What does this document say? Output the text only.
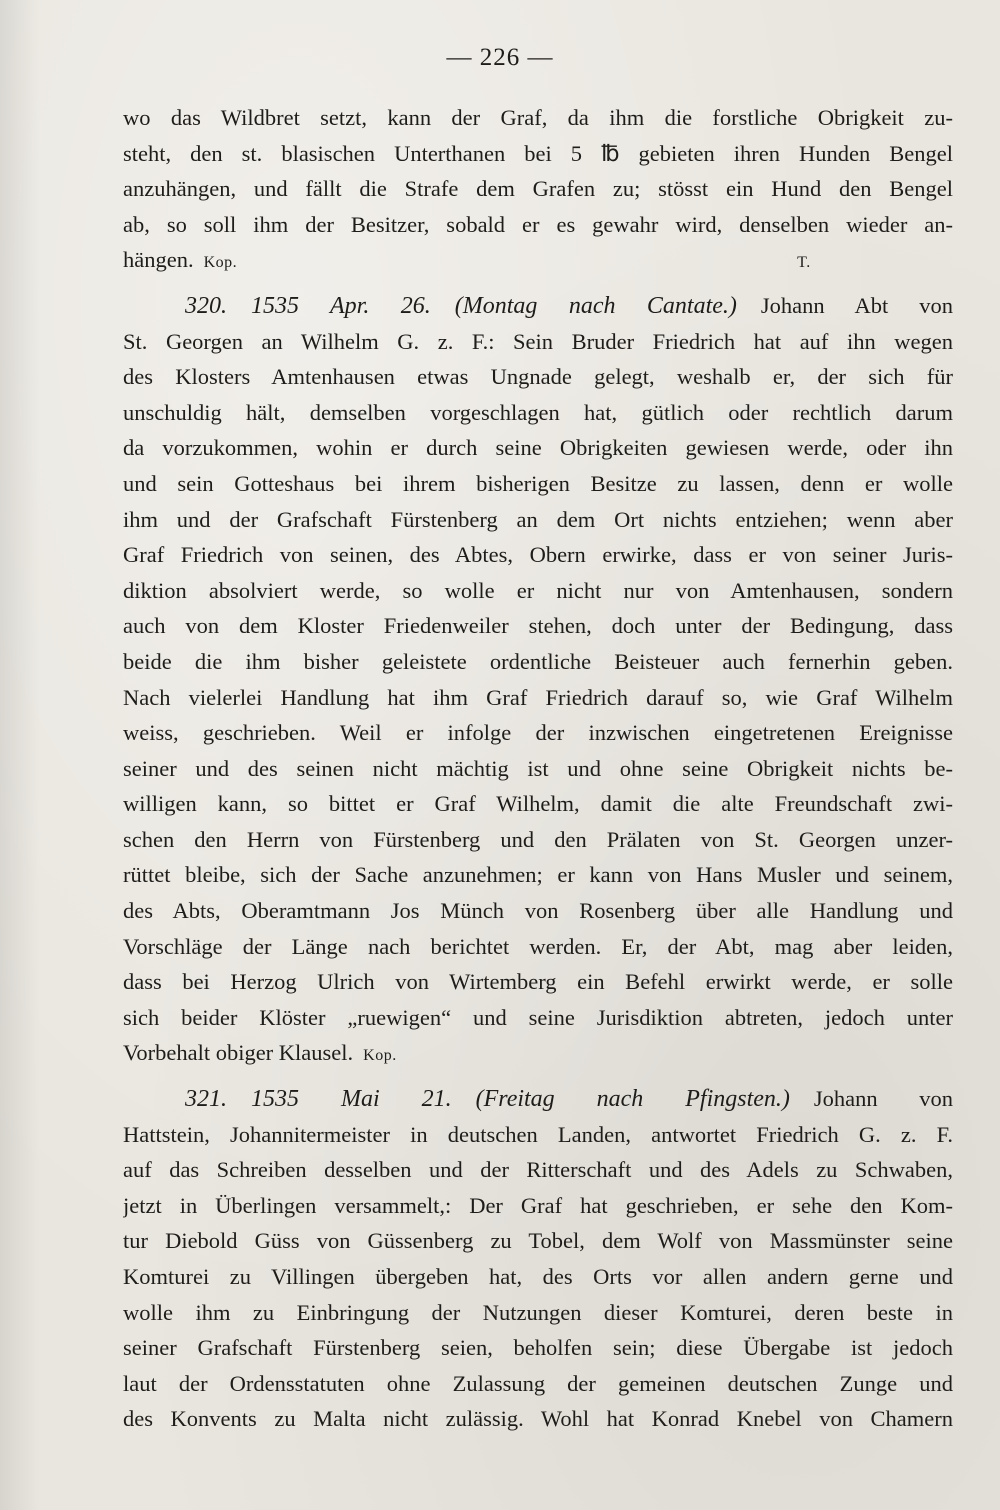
— 226 —
wo das Wildbret setzt, kann der Graf, da ihm die forstliche Obrigkeit zu-
steht, den st. blasischen Unterthanen bei 5 ℔ gebieten ihren Hunden Bengel
anzuhängen, und fällt die Strafe dem Grafen zu; stösst ein Hund den Bengel
ab, so soll ihm der Besitzer, sobald er es gewahr wird, denselben wieder an-
hängen. Kop.	T.
320. 1535 Apr. 26. (Montag nach Cantate.) Johann Abt von
St. Georgen an Wilhelm G. z. F.: Sein Bruder Friedrich hat auf ihn wegen
des Klosters Amtenhausen etwas Ungnade gelegt, weshalb er, der sich für
unschuldig hält, demselben vorgeschlagen hat, gütlich oder rechtlich darum
da vorzukommen, wohin er durch seine Obrigkeiten gewiesen werde, oder ihn
und sein Gotteshaus bei ihrem bisherigen Besitze zu lassen, denn er wolle
ihm und der Grafschaft Fürstenberg an dem Ort nichts entziehen; wenn aber
Graf Friedrich von seinen, des Abtes, Obern erwirke, dass er von seiner Juris-
diktion absolviert werde, so wolle er nicht nur von Amtenhausen, sondern
auch von dem Kloster Friedenweiler stehen, doch unter der Bedingung, dass
beide die ihm bisher geleistete ordentliche Beisteuer auch fernerhin geben.
Nach vielerlei Handlung hat ihm Graf Friedrich darauf so, wie Graf Wilhelm
weiss, geschrieben. Weil er infolge der inzwischen eingetretenen Ereignisse
seiner und des seinen nicht mächtig ist und ohne seine Obrigkeit nichts be-
willigen kann, so bittet er Graf Wilhelm, damit die alte Freundschaft zwi-
schen den Herrn von Fürstenberg und den Prälaten von St. Georgen unzer-
rüttet bleibe, sich der Sache anzunehmen; er kann von Hans Musler und seinem,
des Abts, Oberamtmann Jos Münch von Rosenberg über alle Handlung und
Vorschläge der Länge nach berichtet werden. Er, der Abt, mag aber leiden,
dass bei Herzog Ulrich von Wirtemberg ein Befehl erwirkt werde, er solle
sich beider Klöster „ruewigen“ und seine Jurisdiktion abtreten, jedoch unter
Vorbehalt obiger Klausel. Kop.
321. 1535 Mai 21. (Freitag nach Pfingsten.) Johann von
Hattstein, Johannitermeister in deutschen Landen, antwortet Friedrich G. z. F.
auf das Schreiben desselben und der Ritterschaft und des Adels zu Schwaben,
jetzt in Überlingen versammelt,: Der Graf hat geschrieben, er sehe den Kom-
tur Diebold Güss von Güssenberg zu Tobel, dem Wolf von Massmünster seine
Komturei zu Villingen übergeben hat, des Orts vor allen andern gerne und
wolle ihm zu Einbringung der Nutzungen dieser Komturei, deren beste in
seiner Grafschaft Fürstenberg seien, beholfen sein; diese Übergabe ist jedoch
laut der Ordensstatuten ohne Zulassung der gemeinen deutschen Zunge und
des Konvents zu Malta nicht zulässig. Wohl hat Konrad Knebel von Chamern
